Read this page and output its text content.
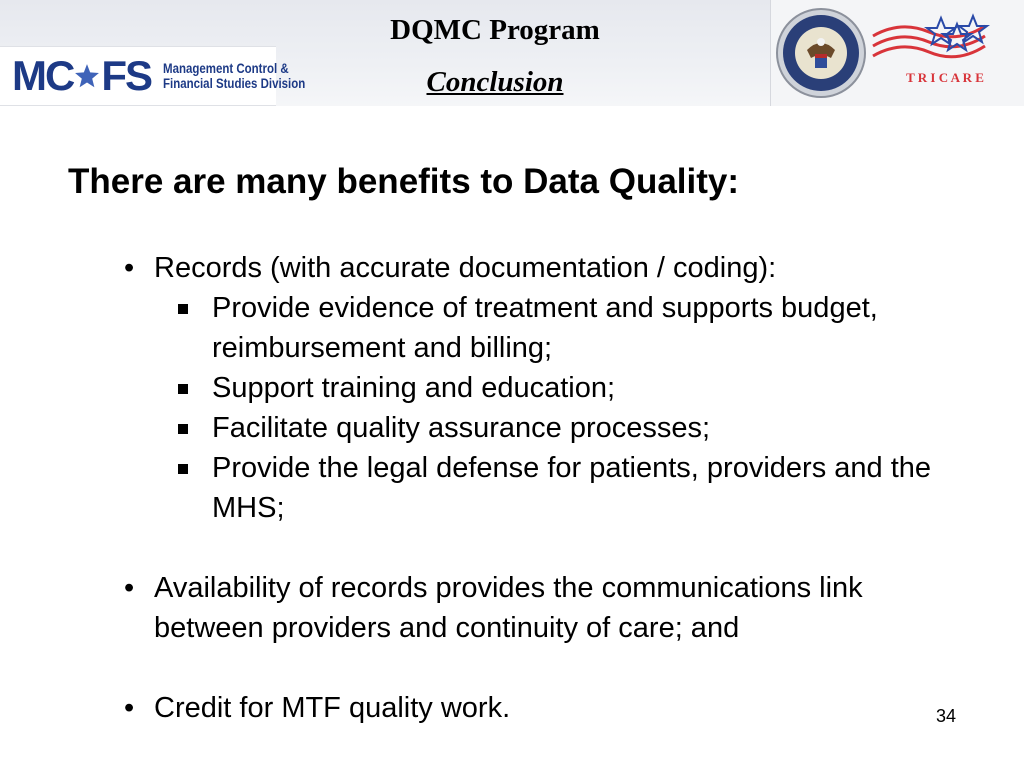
MC FS Management Control &
Financial Studies Division
DQMC Program
Conclusion	T R I C A R E
There are many benefits to Data Quality:
• Records (with accurate documentation / coding):
Provide evidence of treatment and supports budget, reimbursement and billing;
Support training and education;
Facilitate quality assurance processes;
Provide the legal defense for patients, providers and the MHS;
• Availability of records provides the communications link between providers and continuity of care; and
• Credit for MTF quality work.	34
